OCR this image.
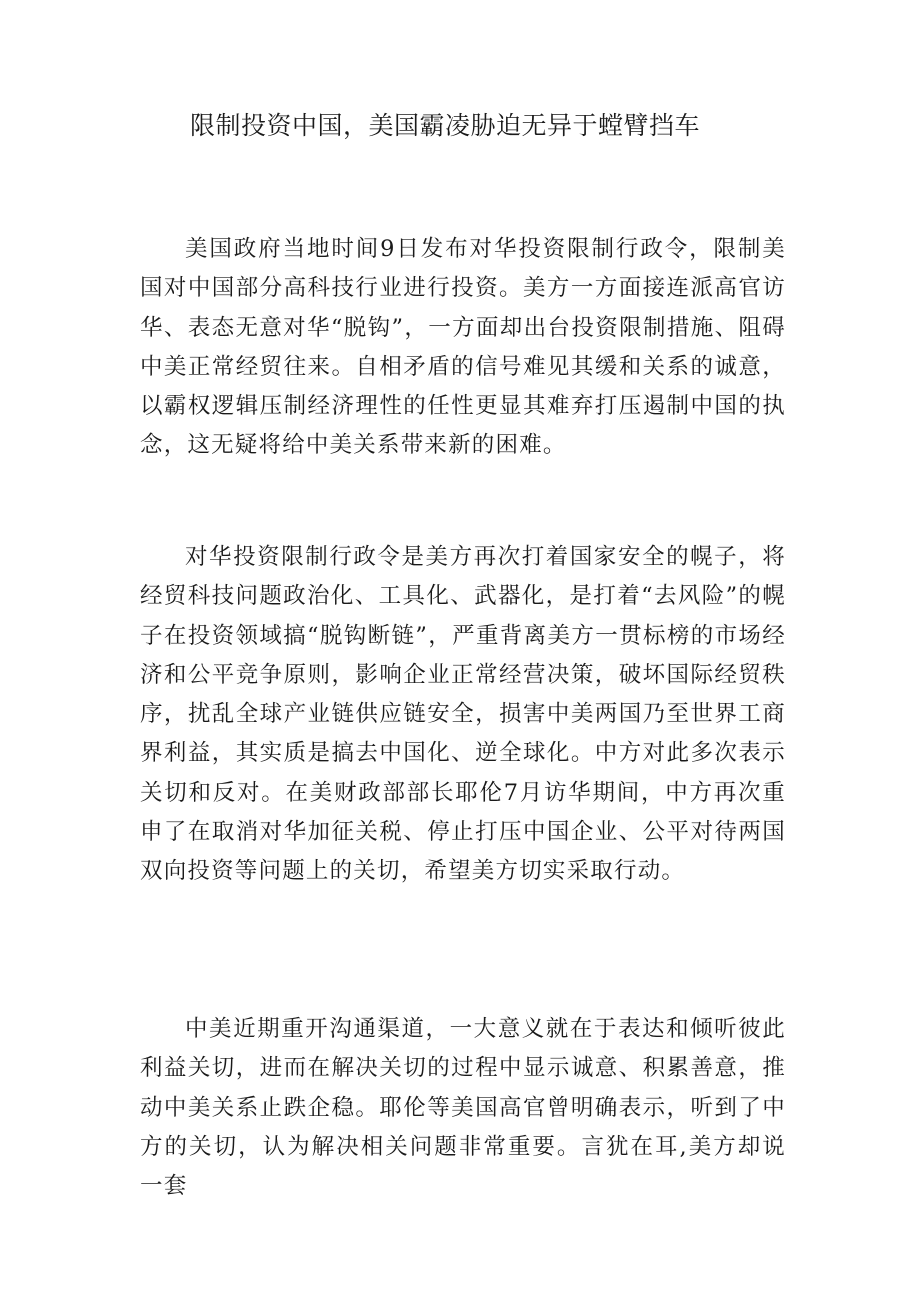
限制投资中国，美国霸凌胁迫无异于螳臂挡车

美国政府当地时间9日发布对华投资限制行政令，限制美国对中国部分高科技行业进行投资。美方一方面接连派高官访华、表态无意对华“脱钩”，一方面却出台投资限制措施、阻碍中美正常经贸往来。自相矛盾的信号难见其缓和关系的诚意，以霸权逻辑压制经济理性的任性更显其难弃打压遏制中国的执念，这无疑将给中美关系带来新的困难。

对华投资限制行政令是美方再次打着国家安全的幌子，将经贸科技问题政治化、工具化、武器化，是打着“去风险”的幌子在投资领域搞“脱钩断链”，严重背离美方一贯标榜的市场经济和公平竞争原则，影响企业正常经营决策，破坏国际经贸秩序，扰乱全球产业链供应链安全，损害中美两国乃至世界工商界利益，其实质是搞去中国化、逆全球化。中方对此多次表示关切和反对。在美财政部部长耶伦7月访华期间，中方再次重申了在取消对华加征关税、停止打压中国企业、公平对待两国双向投资等问题上的关切，希望美方切实采取行动。

中美近期重开沟通渠道，一大意义就在于表达和倾听彼此利益关切，进而在解决关切的过程中显示诚意、积累善意，推动中美关系止跌企稳。耶伦等美国高官曾明确表示，听到了中方的关切，认为解决相关问题非常重要。言犹在耳,美方却说一套
